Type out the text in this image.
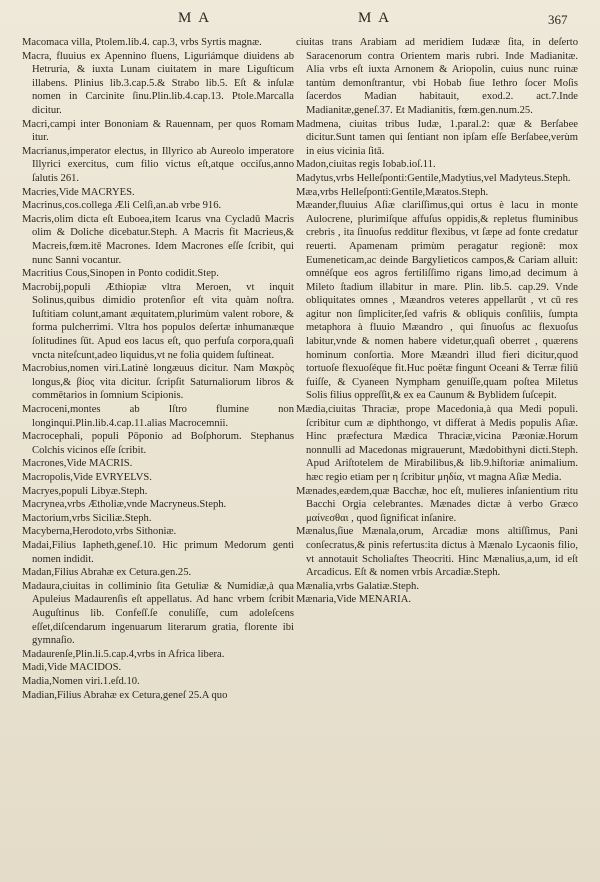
M A	M A	367

Macomaca villa, Ptolem.lib.4. cap.3, vrbs Syrtis magnæ.

Macra, fluuius ex Apennino fluens, Liguriámque diuidens ab Hetruria, & iuxta Lunam ciuitatem in mare Liguſticum illabens. Plinius lib.3.cap.5.& Strabo lib.5. Eſt & inſulæ nomen in Carcinite ſinu.Plin.lib.4.cap.13. Ptole.Marcalla dicitur.

Macri,campi inter Bononiam & Rauennam, per quos Romam itur.

Macrianus,imperator electus, in Illyrico ab Aureolo imperatore Illyrici exercitus, cum filio victus eſt,atque occiſus,anno ſalutis 261.

Macries,Vide MACRYES.

Macrinus,cos.collega Æli Celſi,an.ab vrbe 916.

Macris,olim dicta eſt Euboea,item Icarus vna Cycladū Macris olim & Doliche dicebatur.Steph. A Macris fit Macrieus,& Macreis,fœm.itē Macrones. Idem Macrones eſſe ſcribit, qui nunc Sanni vocantur.

Macritius Cous,Sinopen in Ponto codidit.Step.

Macrobij,populi Æthiopiæ vltra Meroen, vt inquit Solinus,quibus dimidio protenſior eſt vita quàm noſtra. Iuſtitiam colunt,amant æquitatem,plurimùm valent robore, & forma pulcherrimi. Vltra hos populos deſertæ inhumanæque ſolitudines ſūt. Apud eos lacus eſt, quo perfuſa corpora,quaſi vncta niteſcunt,adeo liquidus,vt ne folia quidem ſuſtineat.

Macrobius,nomen viri.Latinè longæuus dicitur. Nam Μακρὸς longus,& βίος vita dicitur. ſcripſit Saturnaliorum libros & commētarios in ſomnium Scipionis.

Macroceni,montes ab Iſtro flumine non longinqui.Plin.lib.4.cap.11.alias Macrocemnii.

Macrocephali, populi Pōponio ad Boſphorum. Stephanus Colchis vicinos eſſe ſcribit.

Macrones,Vide MACRIS.

Macropolis,Vide EVRYELVS.

Macryes,populi Libyæ.Steph.

Macrynea,vrbs Ætholiæ,vnde Macryneus.Steph.

Mactorium,vrbs Siciliæ.Steph.

Macyberna,Herodoto,vrbs Sithoniæ.

Madai,Filius Iapheth,geneſ.10. Hic primum Medorum genti nomen indidit.

Madan,Filius Abrahæ ex Cetura.gen.25.

Madaura,ciuitas in colliminio ſita Getuliæ & Numidiæ,à qua Apuleius Madaurenſis eſt appellatus. Ad hanc vrbem ſcribit Auguſtinus lib. Confeſſ.ſe conuliſſe, cum adoleſcens eſſet,diſcendarum ingenuarum literarum gratia, florente ibi gymnaſio.

Madaurenſe,Plin.li.5.cap.4,vrbs in Africa libera.

Madi,Vide MACIDOS.

Madia,Nomen viri.1.eſd.10.

Madian,Filius Abrahæ ex Cetura,geneſ 25.A quo

ciuitas trans Arabiam ad meridiem Iudææ ſita, in deſerto Saracenorum contra Orientem maris rubri. Inde Madianitæ. Alia vrbs eſt iuxta Arnonem & Ariopolin, cuius nunc ruinæ tantùm demonſtrantur, vbi Hobab ſiue Iethro ſocer Moſis ſacerdos Madian habitauit, exod.2. act.7.Inde Madianitæ,geneſ.37. Et Madianitis, fœm.gen.num.25.

Madmena, ciuitas tribus Iudæ, 1.paral.2: quæ & Berſabee dicitur.Sunt tamen qui ſentiant non ipſam eſſe Berſabee,verùm in eius vicinia ſitā.

Madon,ciuitas regis Iobab.ioſ.11.

Madytus,vrbs Helleſponti:Gentile,Madytius,vel Madyteus.Steph.

Mæa,vrbs Helleſponti:Gentile,Mæatos.Steph.

Mæander,fluuius Aſiæ clariſſimus,qui ortus è lacu in monte Aulocrene, plurimiſque affuſus oppidis,& repletus fluminibus crebris , ita ſinuoſus redditur flexibus, vt ſæpe ad fonte credatur reuerti. Apamenam primùm peragatur regionē: mox Eumeneticam,ac deinde Bargylieticos campos,& Cariam alluit: omnéſque eos agros fertiliſſimo rigans limo,ad decimum à Mileto ſtadium illabitur in mare. Plin. lib.5. cap.29. Vnde obliquitates omnes , Mæandros veteres appellarūt , vt cū res agitur non ſimpliciter,ſed vafris & obliquis conſiliis, ſumpta metaphora à fluuio Mæandro , qui ſinuoſus ac flexuoſus labitur,vnde & nomen habere videtur,quaſi oberret , quærens hominum conſortia. More Mæandri illud fieri dicitur,quod tortuoſe flexuoſéque fit.Huc poëtæ fingunt Oceani & Terræ filiū fuiſſe, & Cyaneen Nympham genuiſſe,quam poſtea Miletus Solis filius oppreſſit,& ex ea Caunum & Byblidem ſuſcepit.

Mædia,ciuitas Thraciæ, prope Macedonia,à qua Medi populi. ſcribitur cum æ diphthongo, vt differat à Medis populis Aſiæ. Hinc præfectura Mædica Thraciæ,vicina Pæoniæ.Horum nonnulli ad Macedonas migrauerunt, Mædobithyni dicti.Steph. Apud Ariſtotelem de Mirabilibus,& lib.9.hiſtoriæ animalium. hæc regio etiam per η ſcribitur μηδία, vt magna Aſiæ Media.

Mænades,eædem,quæ Bacchæ, hoc eſt, mulieres inſanientium ritu Bacchi Orgia celebrantes. Mænades dictæ à verbo Græco μαίνεσθαι , quod ſignificat inſanire.

Mænalus,ſiue Mænala,orum, Arcadiæ mons altiſſimus, Pani conſecratus,& pinis refertus:ita dictus à Mænalo Lycaonis filio, vt annotauit Scholiaſtes Theocriti. Hinc Mænalius,a,um, id eſt Arcadicus. Eſt & nomen vrbis Arcadiæ.Steph.

Mænalia,vrbs Galatiæ.Steph.

Mænaria,Vide MENARIA.
